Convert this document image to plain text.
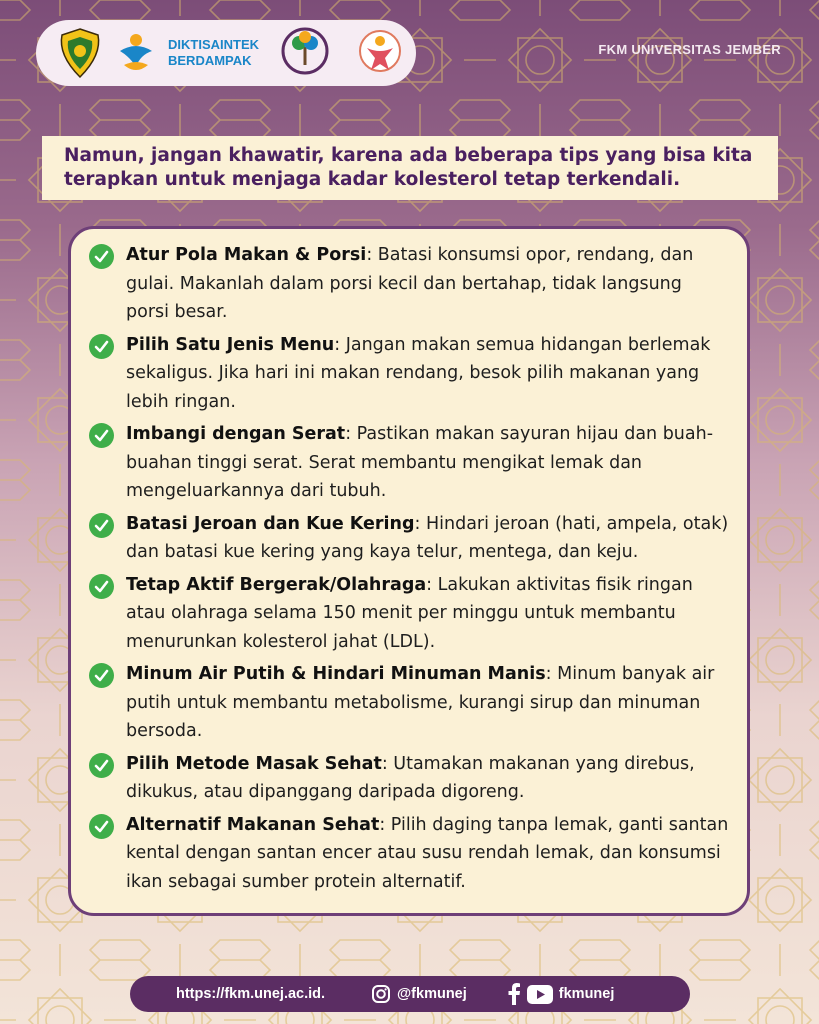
DIKTISAINTEK
BERDAMPAK
FKM UNIVERSITAS JEMBER
Namun, jangan khawatir, karena ada beberapa tips yang bisa kita terapkan untuk menjaga kadar kolesterol tetap terkendali.
Atur Pola Makan & Porsi: Batasi konsumsi opor, rendang, dan gulai. Makanlah dalam porsi kecil dan bertahap, tidak langsung porsi besar.
Pilih Satu Jenis Menu: Jangan makan semua hidangan berlemak sekaligus. Jika hari ini makan rendang, besok pilih makanan yang lebih ringan.
Imbangi dengan Serat: Pastikan makan sayuran hijau dan buah-buahan tinggi serat. Serat membantu mengikat lemak dan mengeluarkannya dari tubuh.
Batasi Jeroan dan Kue Kering: Hindari jeroan (hati, ampela, otak) dan batasi kue kering yang kaya telur, mentega, dan keju.
Tetap Aktif Bergerak/Olahraga: Lakukan aktivitas fisik ringan atau olahraga selama 150 menit per minggu untuk membantu menurunkan kolesterol jahat (LDL).
Minum Air Putih & Hindari Minuman Manis: Minum banyak air putih untuk membantu metabolisme, kurangi sirup dan minuman bersoda.
Pilih Metode Masak Sehat: Utamakan makanan yang direbus, dikukus, atau dipanggang daripada digoreng.
Alternatif Makanan Sehat: Pilih daging tanpa lemak, ganti santan kental dengan santan encer atau susu rendah lemak, dan konsumsi ikan sebagai sumber protein alternatif.
https://fkm.unej.ac.id.	@fkmunej	fkmunej
